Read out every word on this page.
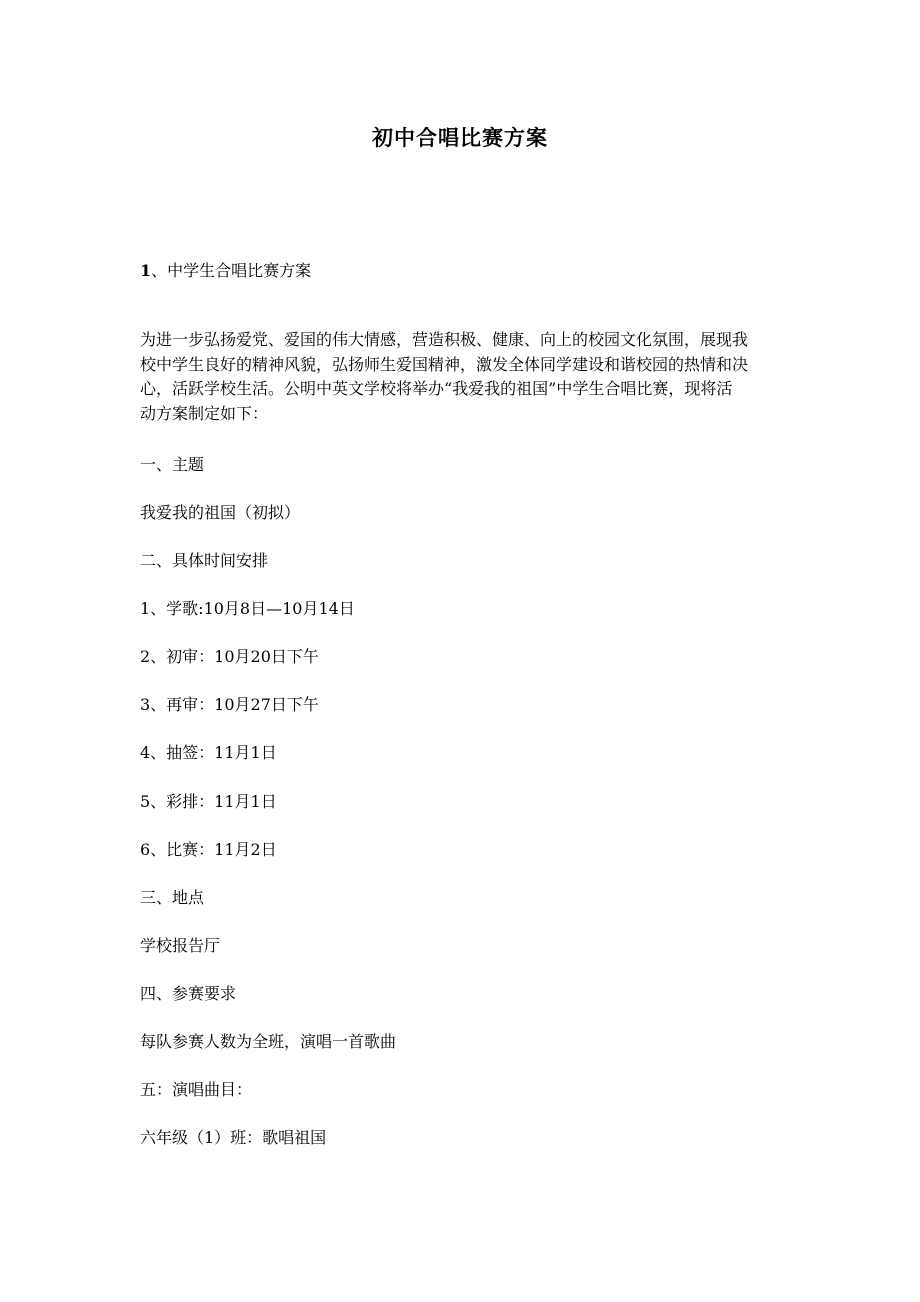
初中合唱比赛方案
1、中学生合唱比赛方案
为进一步弘扬爱党、爱国的伟大情感，营造积极、健康、向上的校园文化氛围，展现我
校中学生良好的精神风貌，弘扬师生爱国精神，激发全体同学建设和谐校园的热情和决
心，活跃学校生活。公明中英文学校将举办“我爱我的祖国”中学生合唱比赛，现将活
动方案制定如下：
一、主题
我爱我的祖国（初拟）
二、具体时间安排
1、学歌:10月8日—10月14日
2、初审：10月20日下午
3、再审：10月27日下午
4、抽签：11月1日
5、彩排：11月1日
6、比赛：11月2日
三、地点
学校报告厅
四、参赛要求
每队参赛人数为全班，演唱一首歌曲
五：演唱曲目：
六年级（1）班：歌唱祖国
